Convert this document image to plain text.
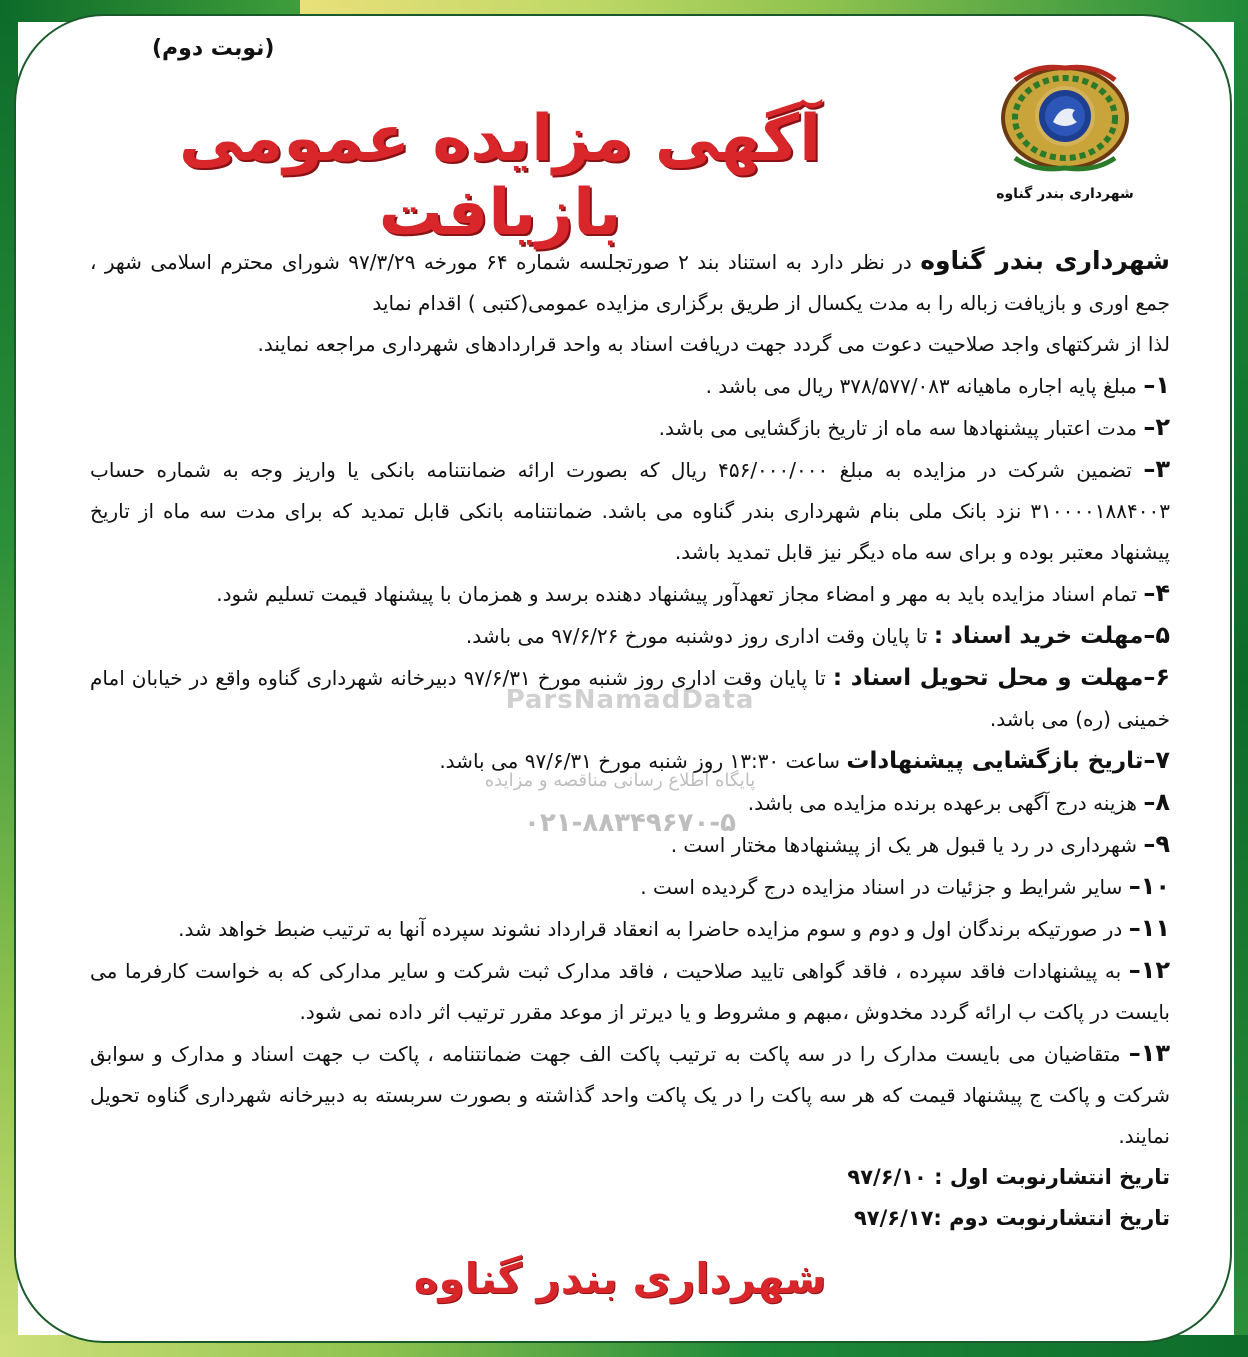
(نوبت دوم)
آگهی مزایده عمومی بازیافت	شهرداری بندر گناوه

شهرداری بندر گناوه در نظر دارد به استناد بند ۲ صورتجلسه شماره ۶۴ مورخه ۹۷/۳/۲۹ شورای محترم اسلامی شهر ، جمع اوری و بازیافت زباله را به مدت یکسال از طریق برگزاری مزایده عمومی(کتبی ) اقدام نماید

لذا از شرکتهای واجد صلاحیت دعوت می گردد جهت دریافت اسناد به واحد قراردادهای شهرداری مراجعه نمایند.

۱– مبلغ پایه اجاره ماهیانه ۳۷۸/۵۷۷/۰۸۳ ریال می باشد .

۲– مدت اعتبار پیشنهادها سه ماه از تاریخ بازگشایی می باشد.

۳– تضمین شرکت در مزایده به مبلغ ۴۵۶/۰۰۰/۰۰۰ ریال که بصورت ارائه ضمانتنامه بانکی یا واریز وجه به شماره حساب ۳۱۰۰۰۰۱۸۸۴۰۰۳ نزد بانک ملی بنام شهرداری بندر گناوه می باشد. ضمانتنامه بانکی قابل تمدید که برای مدت سه ماه از تاریخ پیشنهاد معتبر بوده و برای سه ماه دیگر نیز قابل تمدید باشد.

۴– تمام اسناد مزایده باید به مهر و امضاء مجاز تعهدآور پیشنهاد دهنده برسد و همزمان با پیشنهاد قیمت تسلیم شود.

۵–مهلت خرید اسناد : تا پایان وقت اداری روز دوشنبه مورخ ۹۷/۶/۲۶ می باشد.

۶–مهلت و محل تحویل اسناد : تا پایان وقت اداری روز شنبه مورخ ۹۷/۶/۳۱ دبیرخانه شهرداری گناوه واقع در خیابان امام خمینی (ره) می باشد.

۷–تاریخ بازگشایی پیشنهادات ساعت ۱۳:۳۰ روز شنبه مورخ ۹۷/۶/۳۱ می باشد.

۸– هزینه درج آگهی برعهده برنده مزایده می باشد.

۹– شهرداری در رد یا قبول هر یک از پیشنهادها مختار است .

۱۰– سایر شرایط و جزئیات در اسناد مزایده درج گردیده است .

۱۱– در صورتیکه برندگان اول و دوم و سوم مزایده حاضرا به انعقاد قرارداد نشوند سپرده آنها به ترتیب ضبط خواهد شد.

۱۲– به پیشنهادات فاقد سپرده ، فاقد گواهی تایید صلاحیت ، فاقد مدارک ثبت شرکت و سایر مدارکی که به خواست کارفرما می بایست در پاکت ب ارائه گردد مخدوش ،مبهم و مشروط و یا دیرتر از موعد مقرر ترتیب اثر داده نمی شود.

۱۳– متقاضیان می بایست مدارک را در سه پاکت به ترتیب پاکت الف جهت ضمانتنامه ، پاکت ب جهت اسناد و مدارک و سوابق شرکت و پاکت ج پیشنهاد قیمت که هر سه پاکت را در یک پاکت واحد گذاشته و بصورت سربسته به دبیرخانه شهرداری گناوه تحویل نمایند.

تاریخ انتشارنوبت اول : ۹۷/۶/۱۰

تاریخ انتشارنوبت دوم :۹۷/۶/۱۷

ParsNamadData
پایگاه اطلاع رسانی مناقصه و مزایده
۰۲۱-۸۸۳۴۹۶۷۰-۵
شهرداری بندر گناوه
